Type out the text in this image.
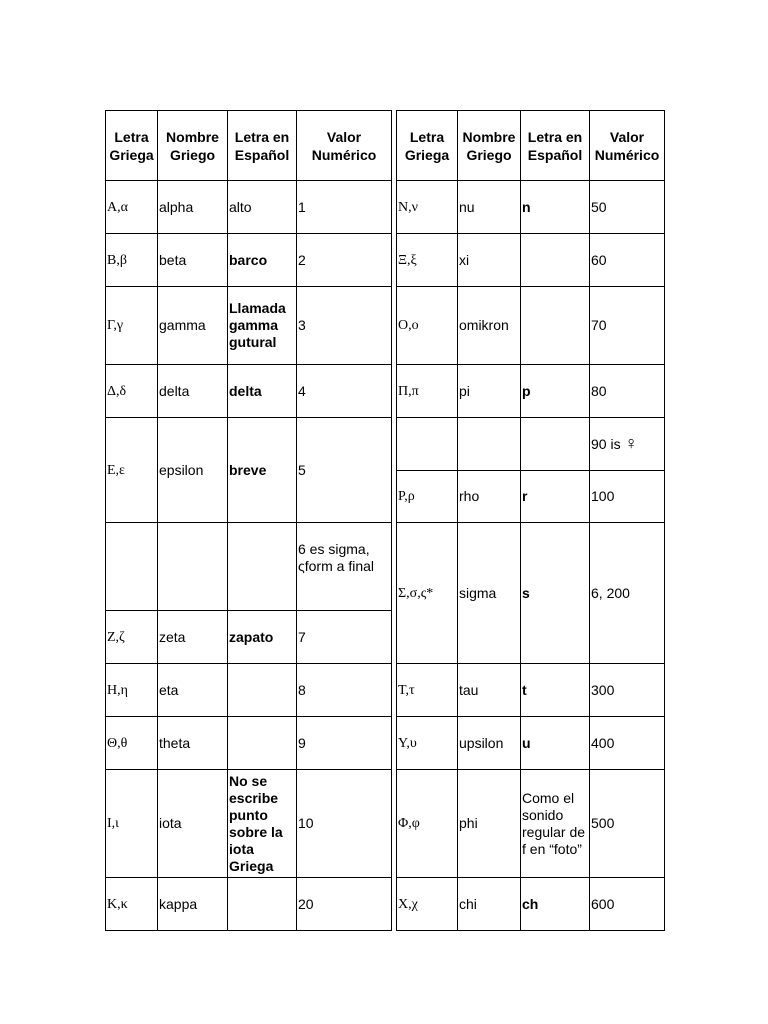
Letra Griega	Nombre Griego	Letra en Español	Valor Numérico
Α,α	alpha	alto	1
Β,β	beta	barco	2
Γ,γ	gamma	Llamada gamma gutural	3
Δ,δ	delta	delta	4
Ε,ε	epsilon	breve	5
			6 es sigma, ςform a final
Ζ,ζ	zeta	zapato	7
Η,η	eta		8
Θ,θ	theta		9
Ι,ι	iota	No se escribe punto sobre la iota Griega	10
Κ,κ	kappa		20
Letra Griega	Nombre Griego	Letra en Español	Valor Numérico
Ν,ν	nu	n	50
Ξ,ξ	xi		60
Ο,ο	omikron		70
Π,π	pi	p	80
			90 is ♀
Ρ,ρ	rho	r	100
Σ,σ,ς*	sigma	s	6, 200
Τ,τ	tau	t	300
Υ,υ	upsilon	u	400
Φ,φ	phi	Como el sonido regular de f en “foto”	500
Χ,χ	chi	ch	600
